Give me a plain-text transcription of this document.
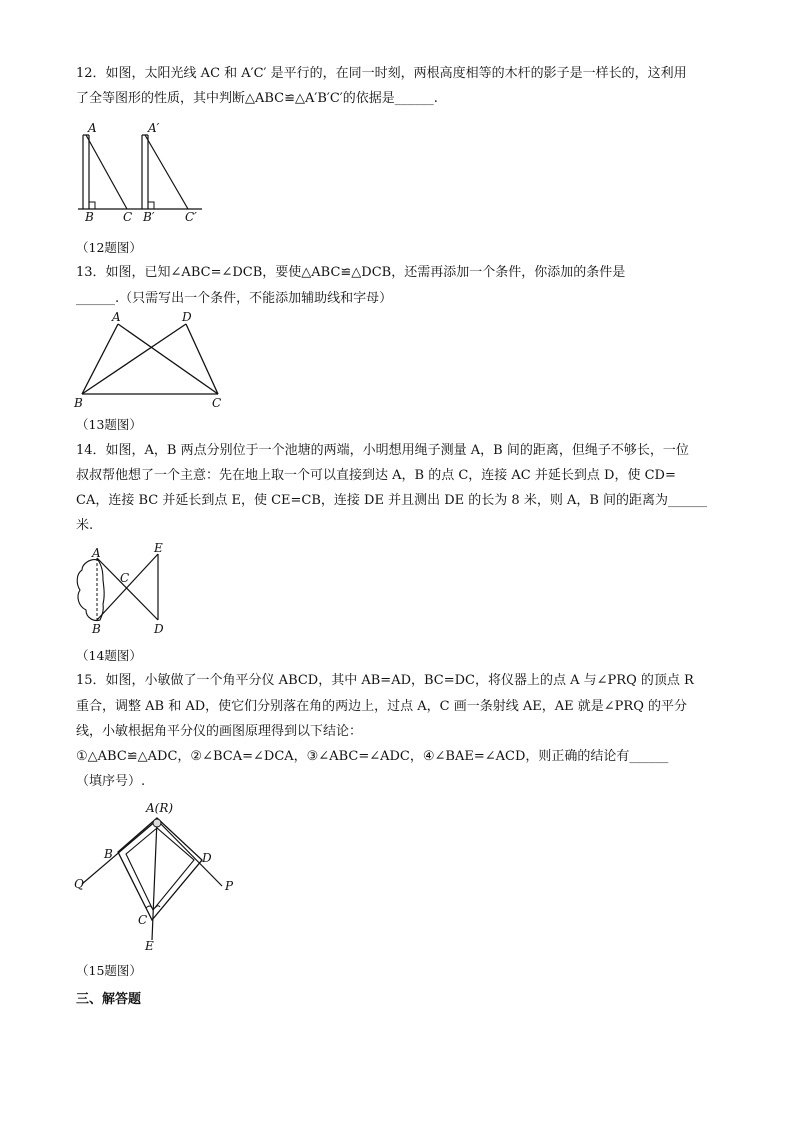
12．如图，太阳光线 AC 和 A′C′ 是平行的，在同一时刻，两根高度相等的木杆的影子是一样长的，这利用
了全等图形的性质，其中判断△ABC≌△A′B′C′的依据是______.
A
B C
A′
B′	C′
（12题图）
13．如图，已知∠ABC=∠DCB，要使△ABC≌△DCB，还需再添加一个条件，你添加的条件是
______.（只需写出一个条件，不能添加辅助线和字母）
A	D
B	C
（13题图）
14．如图，A，B 两点分别位于一个池塘的两端，小明想用绳子测量 A，B 间的距离，但绳子不够长，一位
叔叔帮他想了一个主意：先在地上取一个可以直接到达 A，B 的点 C，连接 AC 并延长到点 D，使 CD=
CA，连接 BC 并延长到点 E，使 CE=CB，连接 DE 并且测出 DE 的长为 8 米，则 A，B 间的距离为______
米.
A
B
C
D
E
（14题图）
15．如图，小敏做了一个角平分仪 ABCD，其中 AB=AD，BC=DC，将仪器上的点 A 与∠PRQ 的顶点 R
重合，调整 AB 和 AD，使它们分别落在角的两边上，过点 A，C 画一条射线 AE，AE 就是∠PRQ 的平分
线，小敏根据角平分仪的画图原理得到以下结论：
①△ABC≌△ADC，②∠BCA=∠DCA，③∠ABC=∠ADC，④∠BAE=∠ACD，则正确的结论有______
（填序号）.
A(R)
B
C
D
E
P
Q
（15题图）
三、解答题
